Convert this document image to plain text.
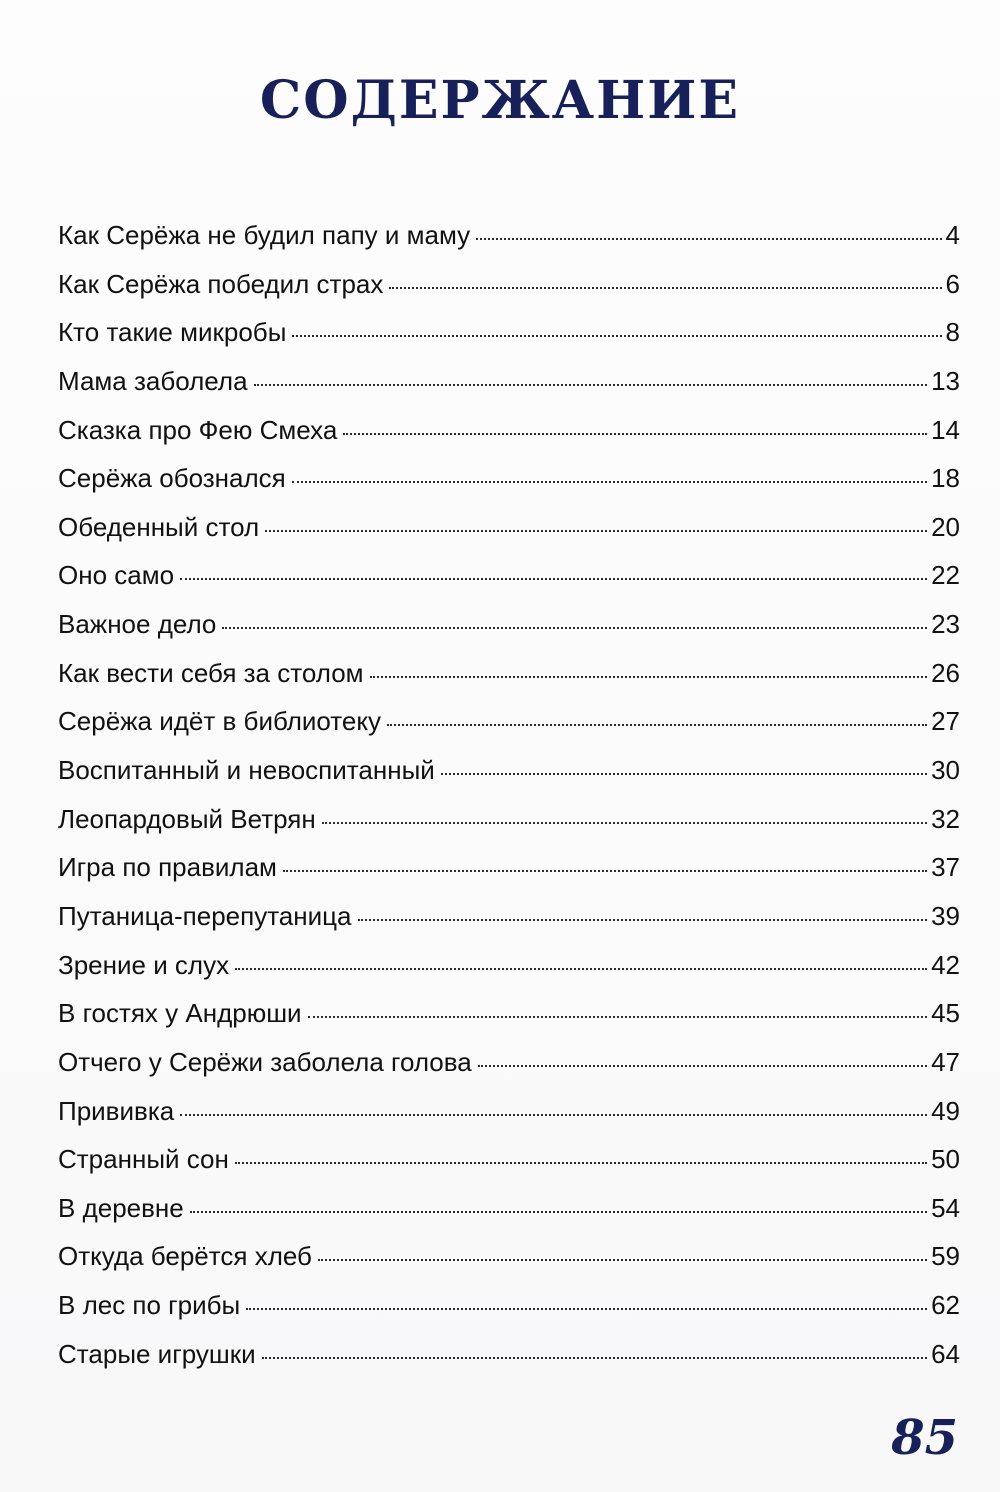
СОДЕРЖАНИЕ
Как Серёжа не будил папу и маму	4
Как Серёжа победил страх	6
Кто такие микробы	8
Мама заболела	13
Сказка про Фею Смеха	14
Серёжа обознался	18
Обеденный стол	20
Оно само	22
Важное дело	23
Как вести себя за столом	26
Серёжа идёт в библиотеку	27
Воспитанный и невоспитанный	30
Леопардовый Ветрян	32
Игра по правилам	37
Путаница-перепутаница	39
Зрение и слух	42
В гостях у Андрюши	45
Отчего у Серёжи заболела голова	47
Прививка	49
Странный сон	50
В деревне	54
Откуда берётся хлеб	59
В лес по грибы	62
Старые игрушки	64
85
